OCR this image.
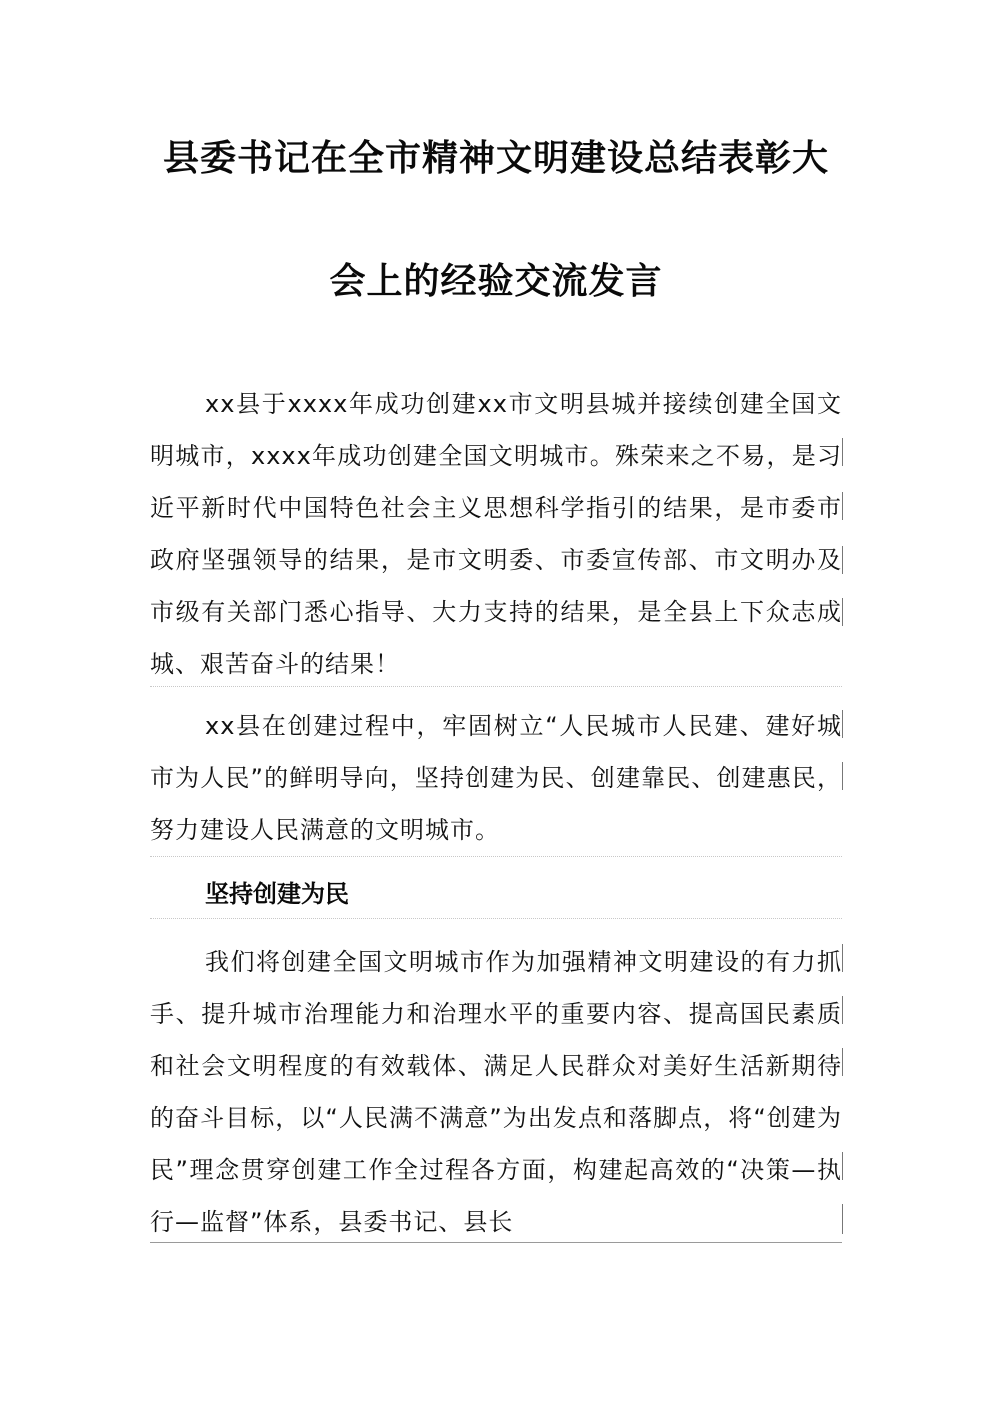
县委书记在全市精神文明建设总结表彰大
会上的经验交流发言

xx县于xxxx年成功创建xx市文明县城并接续创建全国文明城市，xxxx年成功创建全国文明城市。殊荣来之不易，是习近平新时代中国特色社会主义思想科学指引的结果，是市委市政府坚强领导的结果，是市文明委、市委宣传部、市文明办及市级有关部门悉心指导、大力支持的结果，是全县上下众志成城、艰苦奋斗的结果！

xx县在创建过程中，牢固树立“人民城市人民建、建好城市为人民”的鲜明导向，坚持创建为民、创建靠民、创建惠民，努力建设人民满意的文明城市。

坚持创建为民

我们将创建全国文明城市作为加强精神文明建设的有力抓手、提升城市治理能力和治理水平的重要内容、提高国民素质和社会文明程度的有效载体、满足人民群众对美好生活新期待的奋斗目标，以“人民满不满意”为出发点和落脚点，将“创建为民”理念贯穿创建工作全过程各方面，构建起高效的“决策—执行—监督”体系，县委书记、县长
